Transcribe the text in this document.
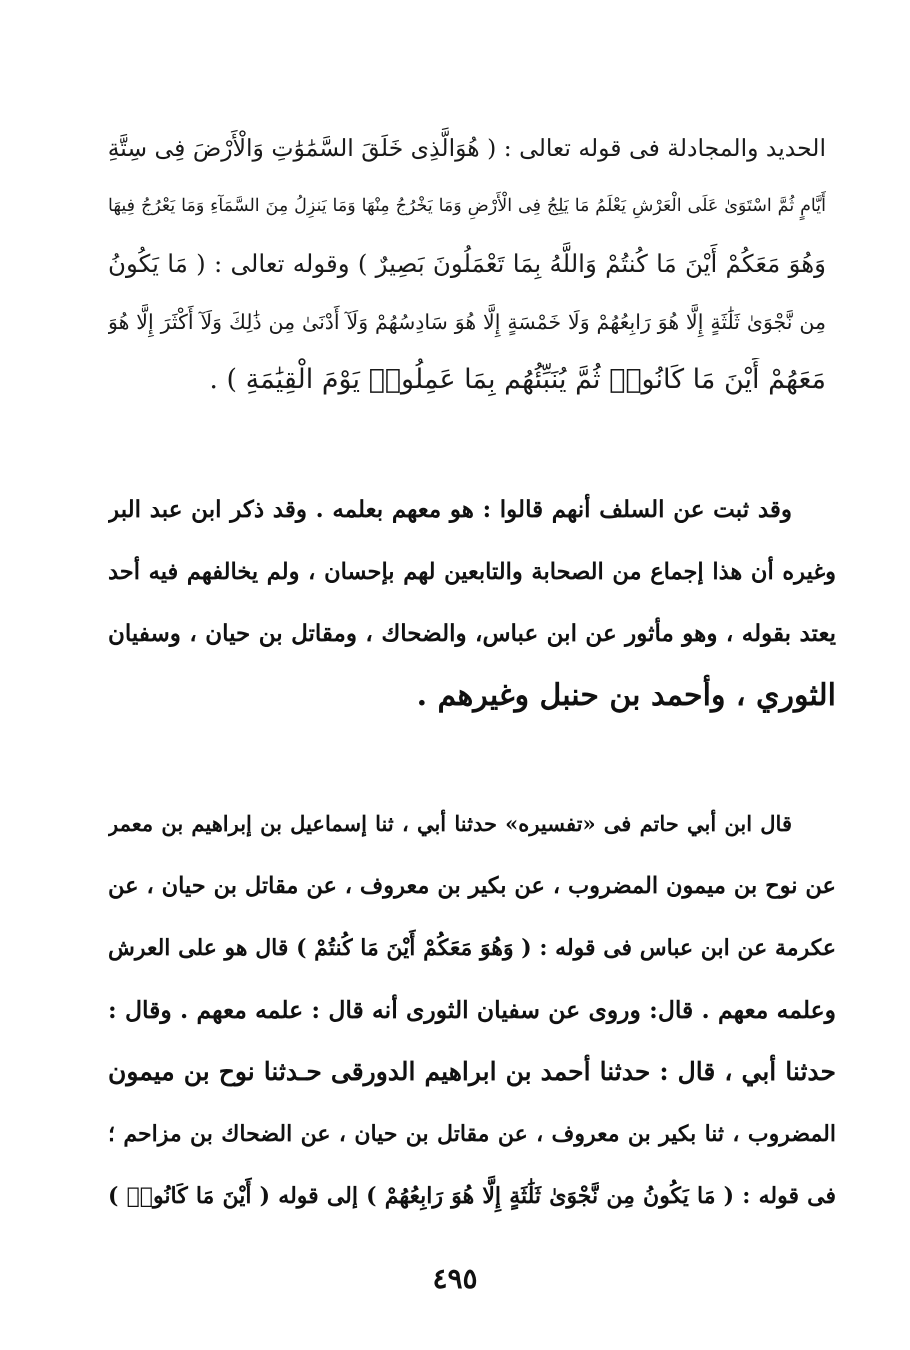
الحديد والمجادلة فى قوله تعالى : ( هُوَالَّذِى خَلَقَ السَّمَٰوَٰتِ وَالْأَرْضَ فِى سِتَّةِ
أَيَّامٍ ثُمَّ اسْتَوَىٰ عَلَى الْعَرْشِ يَعْلَمُ مَا يَلِجُ فِى الْأَرْضِ وَمَا يَخْرُجُ مِنْهَا وَمَا يَنزِلُ مِنَ السَّمَآءِ وَمَا يَعْرُجُ فِيهَا
وَهُوَ مَعَكُمْ أَيْنَ مَا كُنتُمْ وَاللَّهُ بِمَا تَعْمَلُونَ بَصِيرٌ ) وقوله تعالى : ( مَا يَكُونُ
مِن نَّجْوَىٰ ثَلَٰثَةٍ إِلَّا هُوَ رَابِعُهُمْ وَلَا خَمْسَةٍ إِلَّا هُوَ سَادِسُهُمْ وَلَآ أَدْنَىٰ مِن ذَٰلِكَ وَلَآ أَكْثَرَ إِلَّا هُوَ
مَعَهُمْ أَيْنَ مَا كَانُوا۟ ثُمَّ يُنَبِّئُهُم بِمَا عَمِلُوا۟ يَوْمَ الْقِيَٰمَةِ ) .
وقد ثبت عن السلف أنهم قالوا : هو معهم بعلمه . وقد ذكر ابن عبد البر
وغيره أن هذا إجماع من الصحابة والتابعين لهم بإحسان ، ولم يخالفهم فيه أحد
يعتد بقوله ، وهو مأثور عن ابن عباس، والضحاك ، ومقاتل بن حيان ، وسفيان
الثوري ، وأحمد بن حنبل وغيرهم .
قال ابن أبي حاتم فى «تفسيره» حدثنا أبي ، ثنا إسماعيل بن إبراهيم بن معمر
عن نوح بن ميمون المضروب ، عن بكير بن معروف ، عن مقاتل بن حيان ، عن
عكرمة عن ابن عباس فى قوله : ( وَهُوَ مَعَكُمْ أَيْنَ مَا كُنتُمْ ) قال هو على العرش
وعلمه معهم . قال: وروى عن سفيان الثورى أنه قال : علمه معهم . وقال :
حدثنا أبي ، قال : حدثنا أحمد بن ابراهيم الدورقى حـدثنا نوح بن ميمون
المضروب ، ثنا بكير بن معروف ، عن مقاتل بن حيان ، عن الضحاك بن مزاحم ؛
فى قوله : ( مَا يَكُونُ مِن نَّجْوَىٰ ثَلَٰثَةٍ إِلَّا هُوَ رَابِعُهُمْ ) إلى قوله ( أَيْنَ مَا كَانُوا۟ )
٤٩٥
